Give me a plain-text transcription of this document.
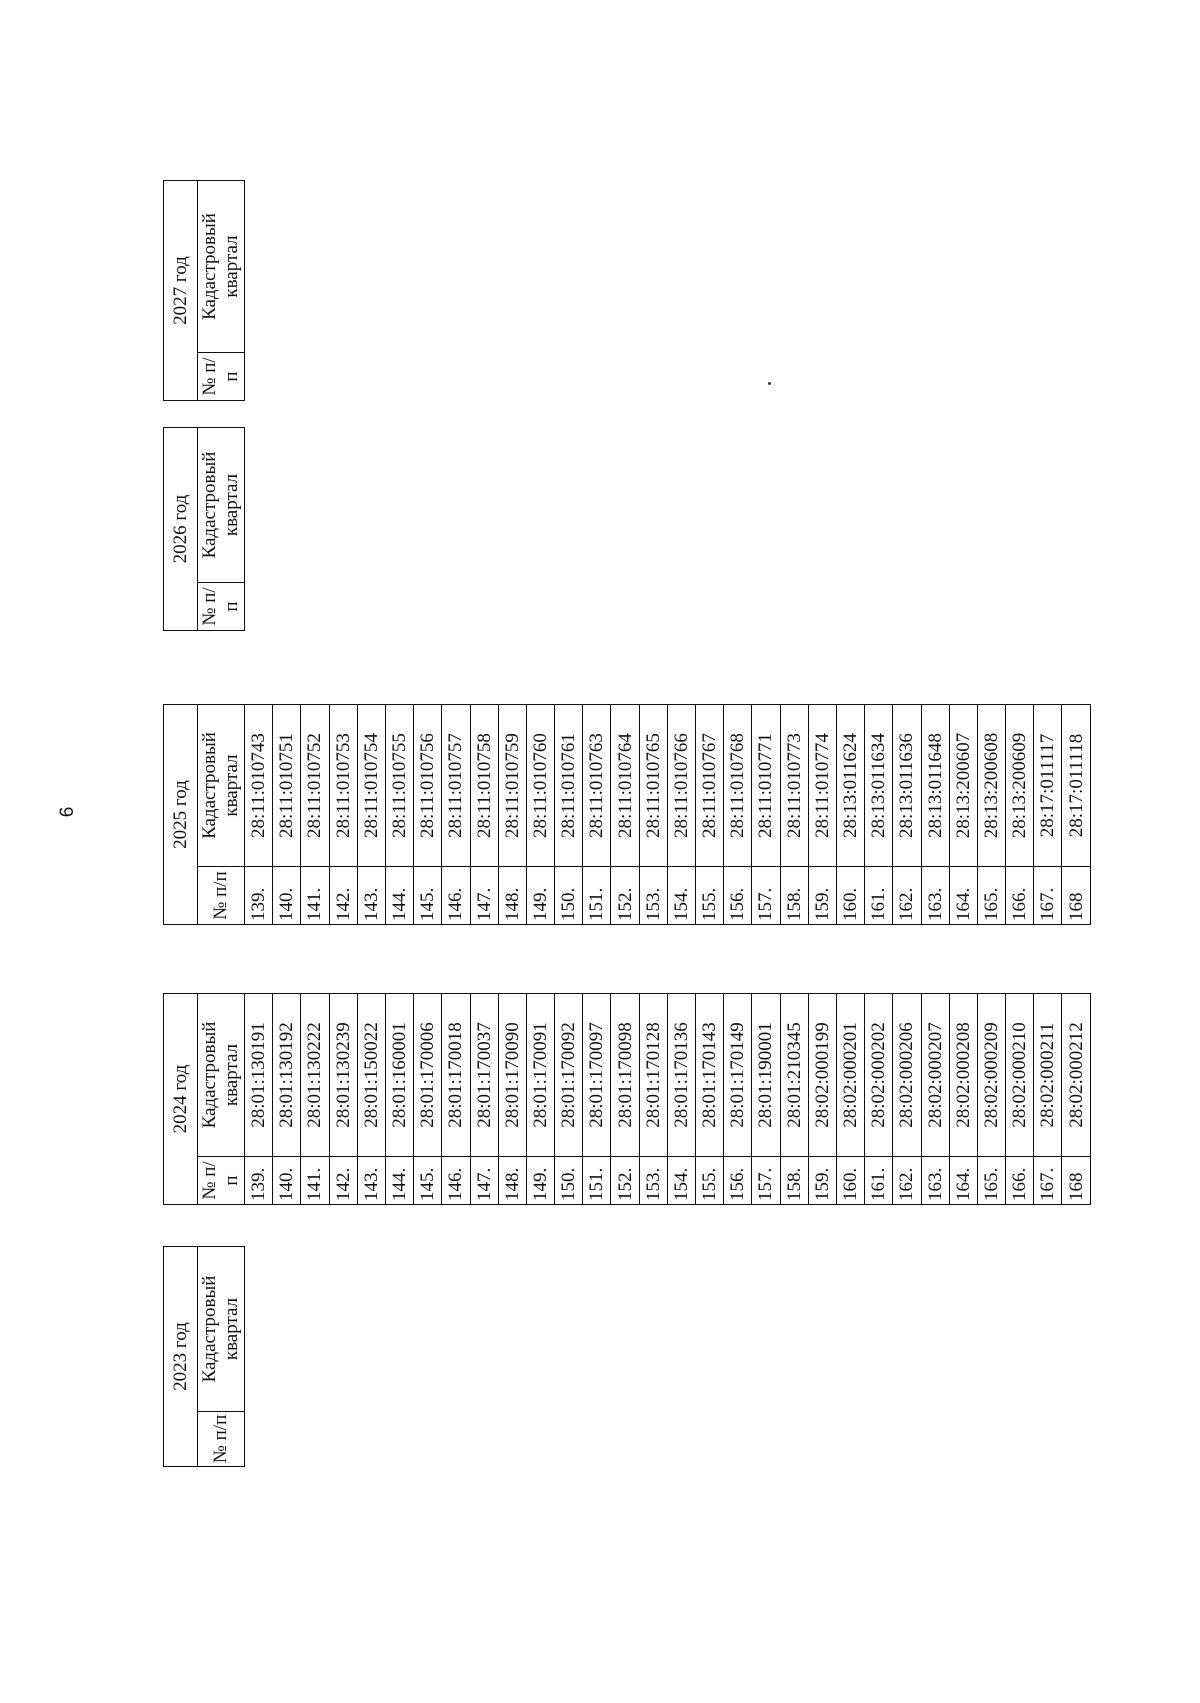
6
2023 год
№ п/п	Кадастровый квартал
2024 год	
№ п/п	Кадастровый квартал
139.	28:01:130191
140.	28:01:130192
141.	28:01:130222
142.	28:01:130239
143.	28:01:150022
144.	28:01:160001
145.	28:01:170006
146.	28:01:170018
147.	28:01:170037
148.	28:01:170090
149.	28:01:170091
150.	28:01:170092
151.	28:01:170097
152.	28:01:170098
153.	28:01:170128
154.	28:01:170136
155.	28:01:170143
156.	28:01:170149
157.	28:01:190001
158.	28:01:210345
159.	28:02:000199
160.	28:02:000201
161.	28:02:000202
162.	28:02:000206
163.	28:02:000207
164.	28:02:000208
165.	28:02:000209
166.	28:02:000210
167.	28:02:000211
168	28:02:000212
2025 год	
№ п/п	Кадастровый квартал
139.	28:11:010743
140.	28:11:010751
141.	28:11:010752
142.	28:11:010753
143.	28:11:010754
144.	28:11:010755
145.	28:11:010756
146.	28:11:010757
147.	28:11:010758
148.	28:11:010759
149.	28:11:010760
150.	28:11:010761
151.	28:11:010763
152.	28:11:010764
153.	28:11:010765
154.	28:11:010766
155.	28:11:010767
156.	28:11:010768
157.	28:11:010771
158.	28:11:010773
159.	28:11:010774
160.	28:13:011624
161.	28:13:011634
162.	28:13:011636
163.	28:13:011648
164.	28:13:200607
165.	28:13:200608
166.	28:13:200609
167.	28:17:011117
168	28:17:011118
2026 год
№ п/п	Кадастровый квартал
2027 год
№ п/п	Кадастровый квартал
